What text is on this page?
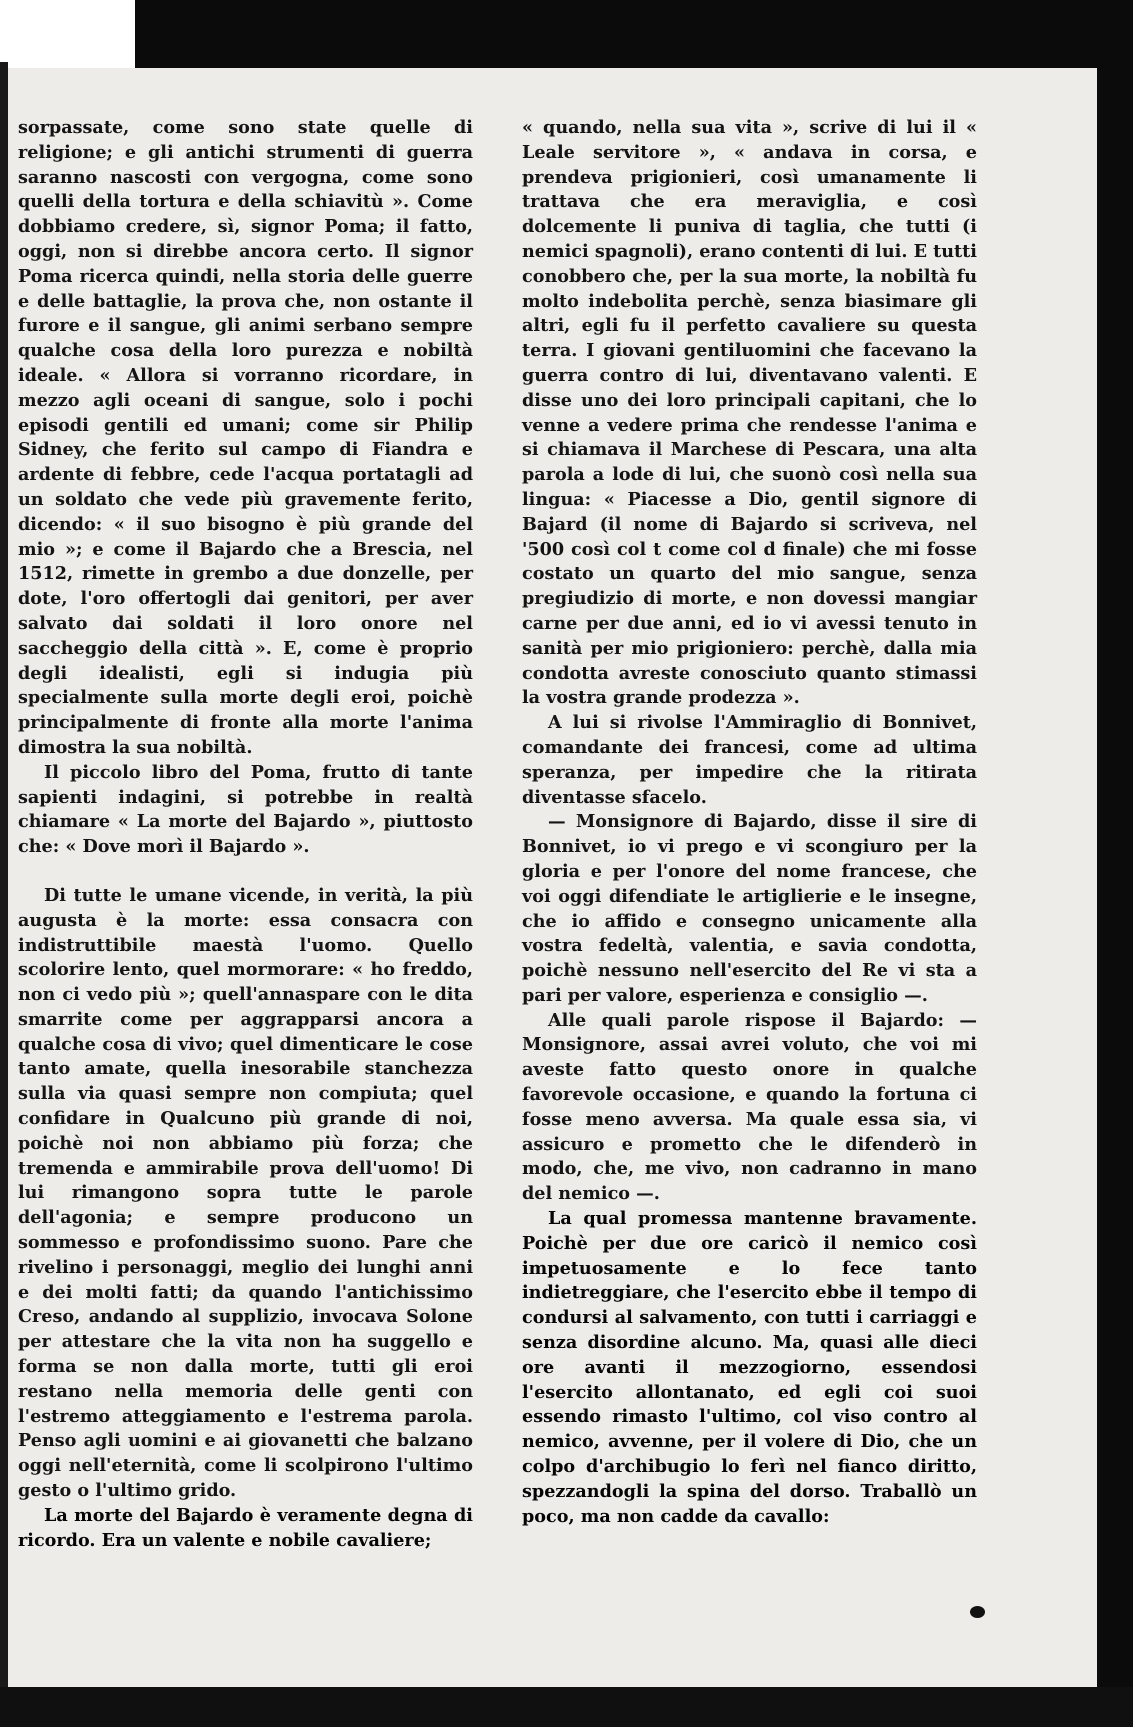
sorpassate, come sono state quelle di religione; e gli antichi strumenti di guerra saranno nascosti con vergogna, come sono quelli della tortura e della schiavitù ». Come dobbiamo credere, sì, signor Poma; il fatto, oggi, non si direbbe ancora certo. Il signor Poma ricerca quindi, nella storia delle guerre e delle battaglie, la prova che, non ostante il furore e il sangue, gli animi serbano sempre qualche cosa della loro purezza e nobiltà ideale. « Allora si vorranno ricordare, in mezzo agli oceani di sangue, solo i pochi episodi gentili ed umani; come sir Philip Sidney, che ferito sul campo di Fiandra e ardente di febbre, cede l'acqua portatagli ad un soldato che vede più gravemente ferito, dicendo: « il suo bisogno è più grande del mio »; e come il Bajardo che a Brescia, nel 1512, rimette in grembo a due donzelle, per dote, l'oro offertogli dai genitori, per aver salvato dai soldati il loro onore nel saccheggio della città ». E, come è proprio degli idealisti, egli si indugia più specialmente sulla morte degli eroi, poichè principalmente di fronte alla morte l'anima dimostra la sua nobiltà.

Il piccolo libro del Poma, frutto di tante sapienti indagini, si potrebbe in realtà chiamare « La morte del Bajardo », piuttosto che: « Dove morì il Bajardo ».

Di tutte le umane vicende, in verità, la più augusta è la morte: essa consacra con indistruttibile maestà l'uomo. Quello scolorire lento, quel mormorare: « ho freddo, non ci vedo più »; quell'annaspare con le dita smarrite come per aggrapparsi ancora a qualche cosa di vivo; quel dimenticare le cose tanto amate, quella inesorabile stanchezza sulla via quasi sempre non compiuta; quel confidare in Qualcuno più grande di noi, poichè noi non abbiamo più forza; che tremenda e ammirabile prova dell'uomo! Di lui rimangono sopra tutte le parole dell'agonia; e sempre producono un sommesso e profondissimo suono. Pare che rivelino i personaggi, meglio dei lunghi anni e dei molti fatti; da quando l'antichissimo Creso, andando al supplizio, invocava Solone per attestare che la vita non ha suggello e forma se non dalla morte, tutti gli eroi restano nella memoria delle genti con l'estremo atteggiamento e l'estrema parola. Penso agli uomini e ai giovanetti che balzano oggi nell'eternità, come li scolpirono l'ultimo gesto o l'ultimo grido.

La morte del Bajardo è veramente degna di ricordo. Era un valente e nobile cavaliere;

« quando, nella sua vita », scrive di lui il « Leale servitore », « andava in corsa, e prendeva prigionieri, così umanamente li trattava che era meraviglia, e così dolcemente li puniva di taglia, che tutti (i nemici spagnoli), erano contenti di lui. E tutti conobbero che, per la sua morte, la nobiltà fu molto indebolita perchè, senza biasimare gli altri, egli fu il perfetto cavaliere su questa terra. I giovani gentiluomini che facevano la guerra contro di lui, diventavano valenti. E disse uno dei loro principali capitani, che lo venne a vedere prima che rendesse l'anima e si chiamava il Marchese di Pescara, una alta parola a lode di lui, che suonò così nella sua lingua: « Piacesse a Dio, gentil signore di Bajard (il nome di Bajardo si scriveva, nel '500 così col t come col d finale) che mi fosse costato un quarto del mio sangue, senza pregiudizio di morte, e non dovessi mangiar carne per due anni, ed io vi avessi tenuto in sanità per mio prigioniero: perchè, dalla mia condotta avreste conosciuto quanto stimassi la vostra grande prodezza ».

A lui si rivolse l'Ammiraglio di Bonnivet, comandante dei francesi, come ad ultima speranza, per impedire che la ritirata diventasse sfacelo.

— Monsignore di Bajardo, disse il sire di Bonnivet, io vi prego e vi scongiuro per la gloria e per l'onore del nome francese, che voi oggi difendiate le artiglierie e le insegne, che io affido e consegno unicamente alla vostra fedeltà, valentia, e savia condotta, poichè nessuno nell'esercito del Re vi sta a pari per valore, esperienza e consiglio —.

Alle quali parole rispose il Bajardo: — Monsignore, assai avrei voluto, che voi mi aveste fatto questo onore in qualche favorevole occasione, e quando la fortuna ci fosse meno avversa. Ma quale essa sia, vi assicuro e prometto che le difenderò in modo, che, me vivo, non cadranno in mano del nemico —.

La qual promessa mantenne bravamente. Poichè per due ore caricò il nemico così impetuosamente e lo fece tanto indietreggiare, che l'esercito ebbe il tempo di condursi al salvamento, con tutti i carriaggi e senza disordine alcuno. Ma, quasi alle dieci ore avanti il mezzogiorno, essendosi l'esercito allontanato, ed egli coi suoi essendo rimasto l'ultimo, col viso contro al nemico, avvenne, per il volere di Dio, che un colpo d'archibugio lo ferì nel fianco diritto, spezzandogli la spina del dorso. Traballò un poco, ma non cadde da cavallo:
